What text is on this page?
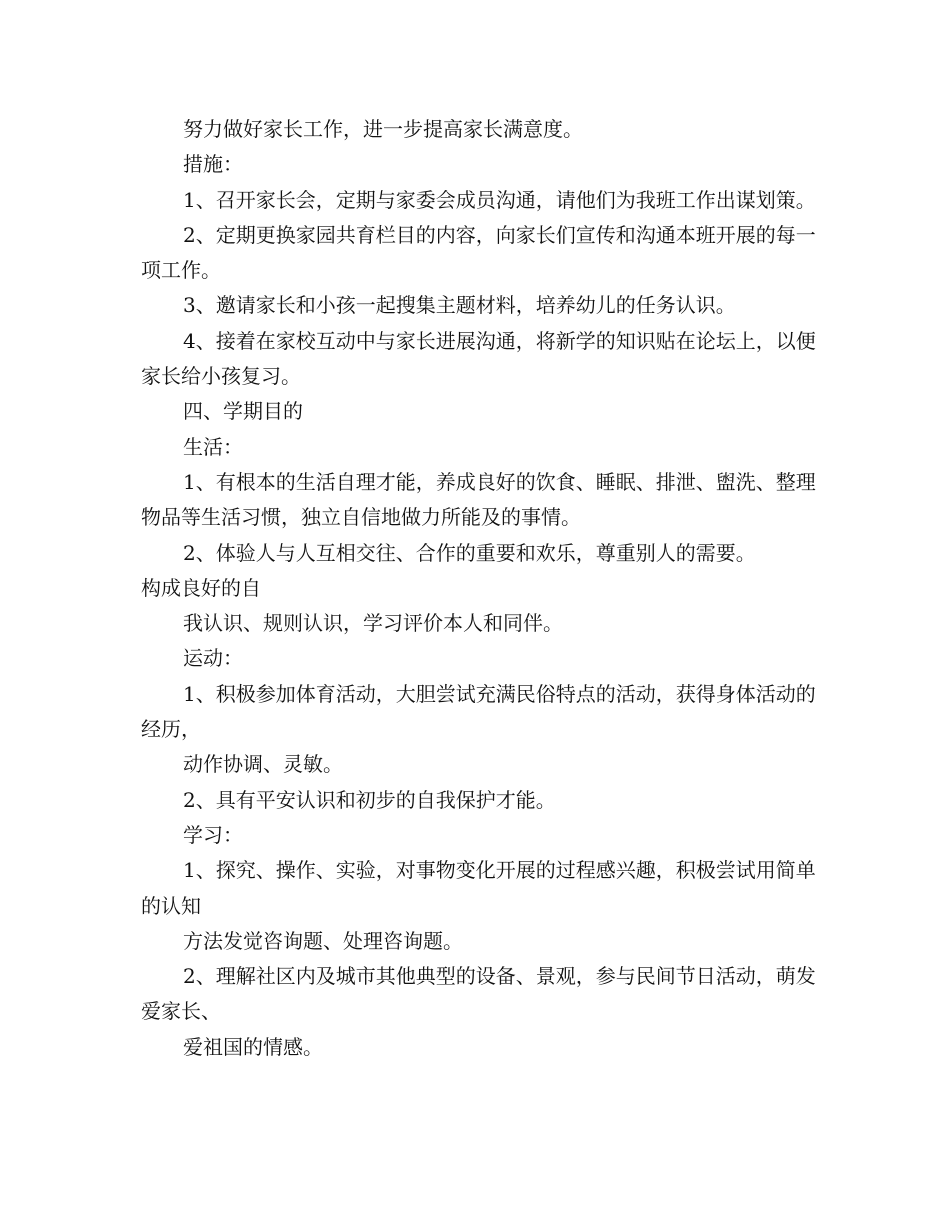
努力做好家长工作，进一步提高家长满意度。

措施：

1、召开家长会，定期与家委会成员沟通，请他们为我班工作出谋划策。

2、定期更换家园共育栏目的内容，向家长们宣传和沟通本班开展的每一项工作。

3、邀请家长和小孩一起搜集主题材料，培养幼儿的任务认识。

4、接着在家校互动中与家长进展沟通，将新学的知识贴在论坛上，以便家长给小孩复习。

四、学期目的

生活：

1、有根本的生活自理才能，养成良好的饮食、睡眠、排泄、盥洗、整理物品等生活习惯，独立自信地做力所能及的事情。

2、体验人与人互相交往、合作的重要和欢乐，尊重别人的需要。

构成良好的自

我认识、规则认识，学习评价本人和同伴。

运动：

1、积极参加体育活动，大胆尝试充满民俗特点的活动，获得身体活动的经历，

动作协调、灵敏。

2、具有平安认识和初步的自我保护才能。

学习：

1、探究、操作、实验，对事物变化开展的过程感兴趣，积极尝试用简单的认知

方法发觉咨询题、处理咨询题。

2、理解社区内及城市其他典型的设备、景观，参与民间节日活动，萌发爱家长、

爱祖国的情感。
